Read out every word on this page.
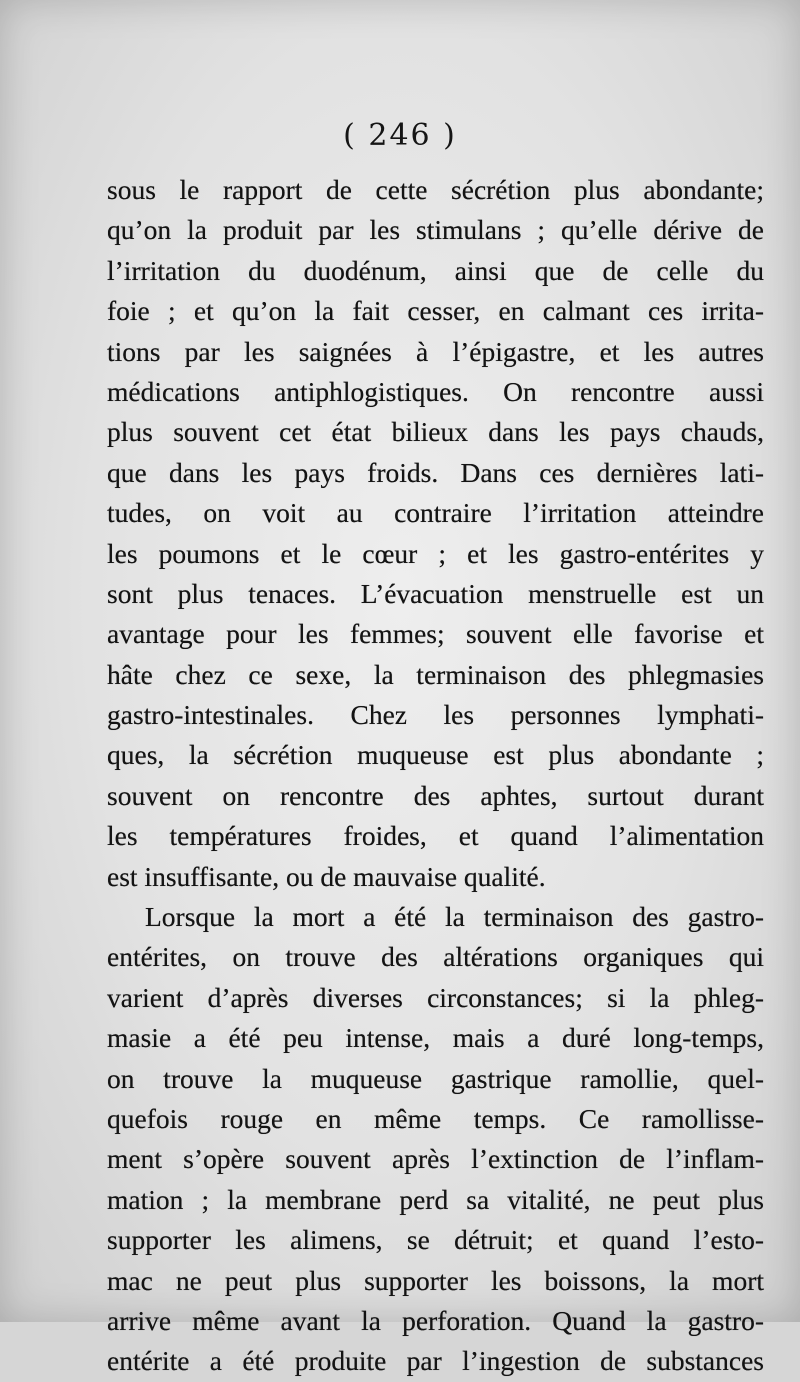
( 246 )
sous le rapport de cette sécrétion plus abondante;
qu’on la produit par les stimulans ; qu’elle dérive de
l’irritation du duodénum, ainsi que de celle du
foie ; et qu’on la fait cesser, en calmant ces irrita-
tions par les saignées à l’épigastre, et les autres
médications antiphlogistiques. On rencontre aussi
plus souvent cet état bilieux dans les pays chauds,
que dans les pays froids. Dans ces dernières lati-
tudes, on voit au contraire l’irritation atteindre
les poumons et le cœur ; et les gastro-entérites y
sont plus tenaces. L’évacuation menstruelle est un
avantage pour les femmes; souvent elle favorise et
hâte chez ce sexe, la terminaison des phlegmasies
gastro-intestinales. Chez les personnes lymphati-
ques, la sécrétion muqueuse est plus abondante ;
souvent on rencontre des aphtes, surtout durant
les températures froides, et quand l’alimentation
est insuffisante, ou de mauvaise qualité.
Lorsque la mort a été la terminaison des gastro-
entérites, on trouve des altérations organiques qui
varient d’après diverses circonstances; si la phleg-
masie a été peu intense, mais a duré long-temps,
on trouve la muqueuse gastrique ramollie, quel-
quefois rouge en même temps. Ce ramollisse-
ment s’opère souvent après l’extinction de l’inflam-
mation ; la membrane perd sa vitalité, ne peut plus
supporter les alimens, se détruit; et quand l’esto-
mac ne peut plus supporter les boissons, la mort
arrive même avant la perforation. Quand la gastro-
entérite a été produite par l’ingestion de substances
